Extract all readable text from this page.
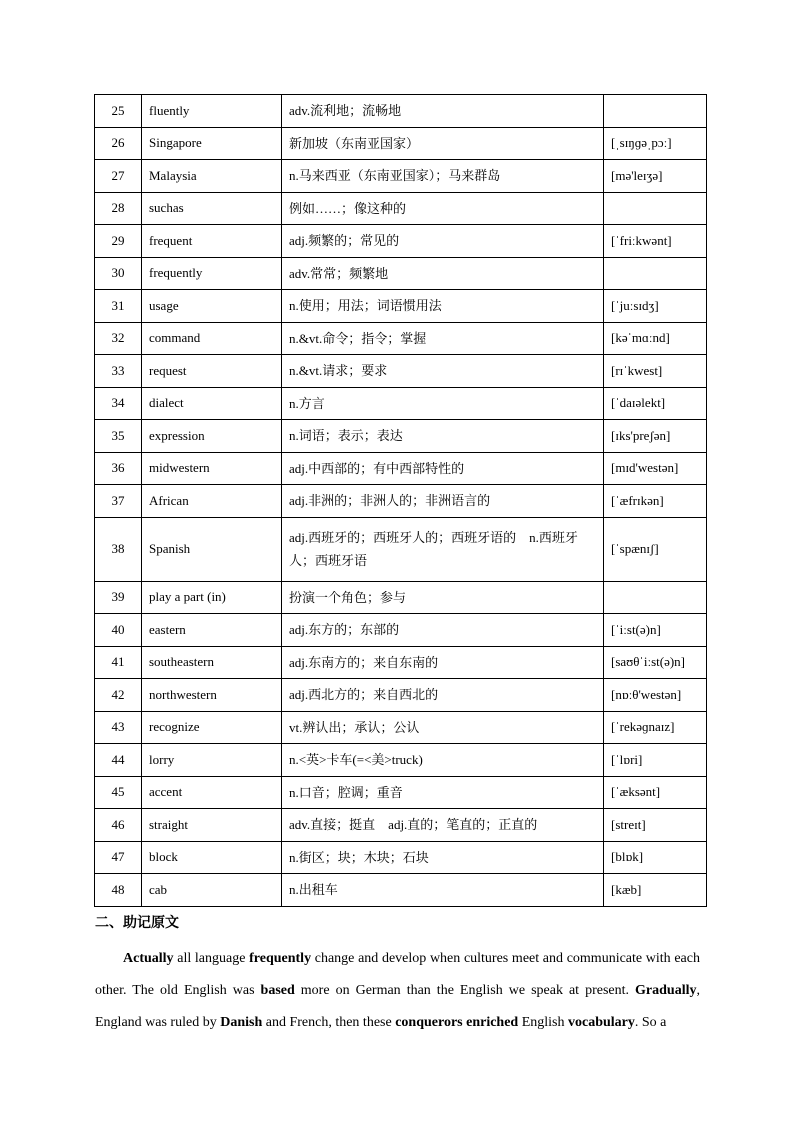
25	fluently	adv.流利地；流畅地	
26	Singapore	新加坡（东南亚国家）	[ˌsɪŋɡəˌpɔː]
27	Malaysia	n.马来西亚（东南亚国家）；马来群岛	[mə'leɪʒə]
28	suchas	例如……；像这种的	
29	frequent	adj.频繁的；常见的	[ˈfriːkwənt]
30	frequently	adv.常常；频繁地	
31	usage	n.使用；用法；词语惯用法	[ˈjuːsɪdʒ]
32	command	n.&vt.命令；指令；掌握	[kəˈmɑːnd]
33	request	n.&vt.请求；要求	[rɪˈkwest]
34	dialect	n.方言	[ˈdaɪəlekt]
35	expression	n.词语；表示；表达	[ɪks'preʃən]
36	midwestern	adj.中西部的；有中西部特性的	[mɪd'westən]
37	African	adj.非洲的；非洲人的；非洲语言的	[ˈæfrɪkən]
38	Spanish	adj.西班牙的；西班牙人的；西班牙语的　n.西班牙人；西班牙语	[ˈspænɪʃ]
39	play a part (in)	扮演一个角色；参与	
40	eastern	adj.东方的；东部的	[ˈiːst(ə)n]
41	southeastern	adj.东南方的；来自东南的	[saʊθˈiːst(ə)n]
42	northwestern	adj.西北方的；来自西北的	[nɒːθ'westən]
43	recognize	vt.辨认出；承认；公认	[ˈrekəɡnaɪz]
44	lorry	n.<英>卡车(=<美>truck)	[ˈlɒri]
45	accent	n.口音；腔调；重音	[ˈæksənt]
46	straight	adv.直接；挺直　adj.直的；笔直的；正直的	[streɪt]
47	block	n.街区；块；木块；石块	[blɒk]
48	cab	n.出租车	[kæb]
二、助记原文

Actually all language frequently change and develop when cultures meet and communicate with each other. The old English was based more on German than the English we speak at present. Gradually, England was ruled by Danish and French, then these conquerors enriched English vocabulary. So a
